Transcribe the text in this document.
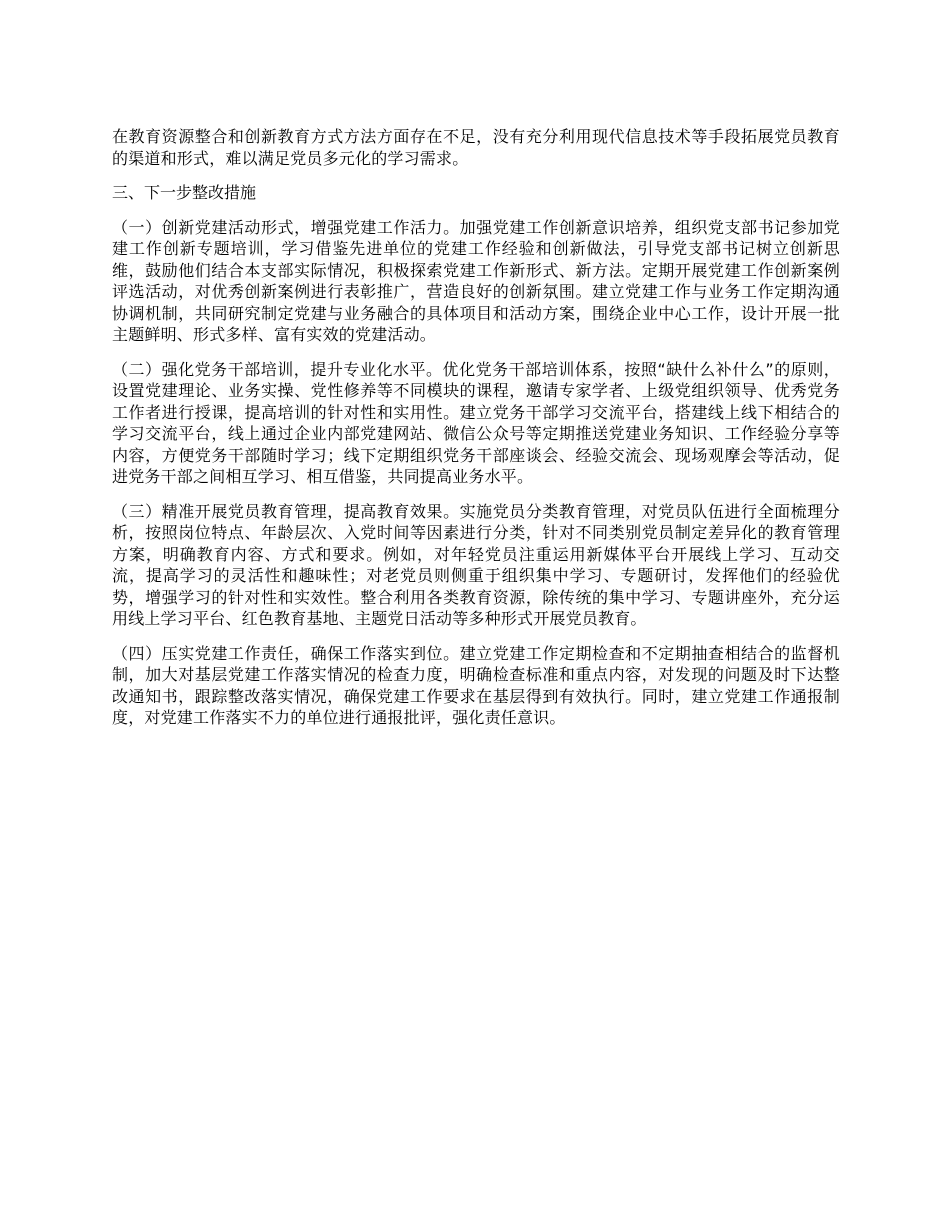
在教育资源整合和创新教育方式方法方面存在不足，没有充分利用现代信息技术等手段拓展党员教育的渠道和形式，难以满足党员多元化的学习需求。

三、下一步整改措施

（一）创新党建活动形式，增强党建工作活力。加强党建工作创新意识培养，组织党支部书记参加党建工作创新专题培训，学习借鉴先进单位的党建工作经验和创新做法，引导党支部书记树立创新思维，鼓励他们结合本支部实际情况，积极探索党建工作新形式、新方法。定期开展党建工作创新案例评选活动，对优秀创新案例进行表彰推广，营造良好的创新氛围。建立党建工作与业务工作定期沟通协调机制，共同研究制定党建与业务融合的具体项目和活动方案，围绕企业中心工作，设计开展一批主题鲜明、形式多样、富有实效的党建活动。

（二）强化党务干部培训，提升专业化水平。优化党务干部培训体系，按照“缺什么补什么”的原则，设置党建理论、业务实操、党性修养等不同模块的课程，邀请专家学者、上级党组织领导、优秀党务工作者进行授课，提高培训的针对性和实用性。建立党务干部学习交流平台，搭建线上线下相结合的学习交流平台，线上通过企业内部党建网站、微信公众号等定期推送党建业务知识、工作经验分享等内容，方便党务干部随时学习；线下定期组织党务干部座谈会、经验交流会、现场观摩会等活动，促进党务干部之间相互学习、相互借鉴，共同提高业务水平。

（三）精准开展党员教育管理，提高教育效果。实施党员分类教育管理，对党员队伍进行全面梳理分析，按照岗位特点、年龄层次、入党时间等因素进行分类，针对不同类别党员制定差异化的教育管理方案，明确教育内容、方式和要求。例如，对年轻党员注重运用新媒体平台开展线上学习、互动交流，提高学习的灵活性和趣味性；对老党员则侧重于组织集中学习、专题研讨，发挥他们的经验优势，增强学习的针对性和实效性。整合利用各类教育资源，除传统的集中学习、专题讲座外，充分运用线上学习平台、红色教育基地、主题党日活动等多种形式开展党员教育。

（四）压实党建工作责任，确保工作落实到位。建立党建工作定期检查和不定期抽查相结合的监督机制，加大对基层党建工作落实情况的检查力度，明确检查标准和重点内容，对发现的问题及时下达整改通知书，跟踪整改落实情况，确保党建工作要求在基层得到有效执行。同时，建立党建工作通报制度，对党建工作落实不力的单位进行通报批评，强化责任意识。
